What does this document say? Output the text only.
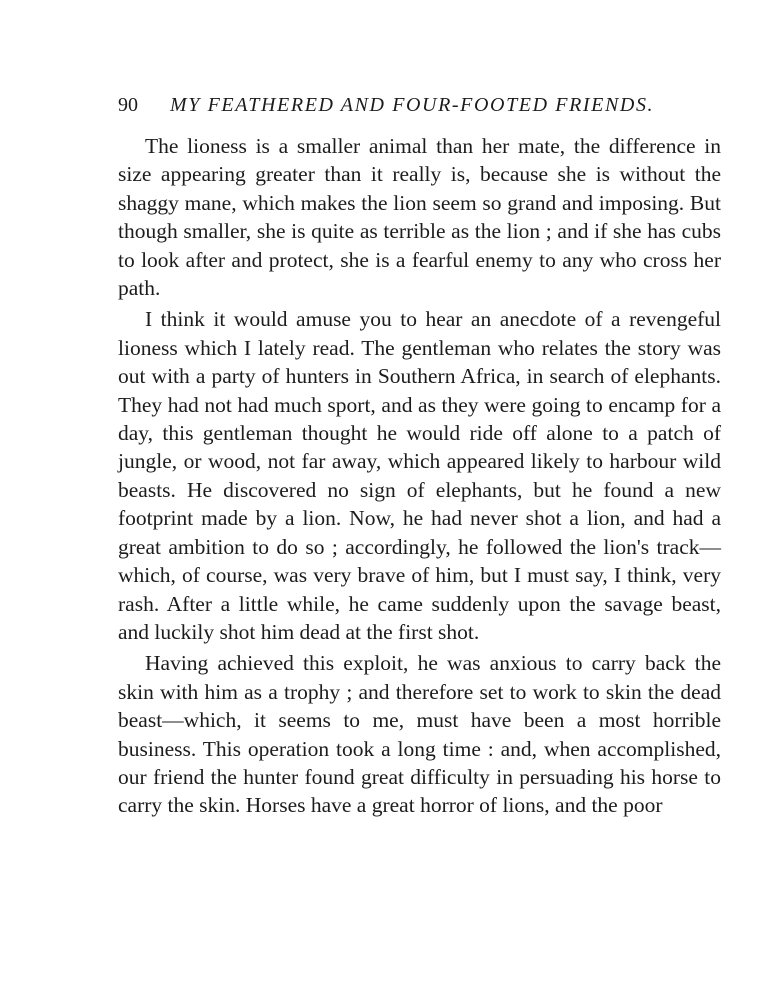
90	MY FEATHERED AND FOUR-FOOTED FRIENDS.

The lioness is a smaller animal than her mate, the difference in size appearing greater than it really is, because she is without the shaggy mane, which makes the lion seem so grand and imposing. But though smaller, she is quite as terrible as the lion ; and if she has cubs to look after and protect, she is a fearful enemy to any who cross her path.

I think it would amuse you to hear an anecdote of a revengeful lioness which I lately read. The gentleman who relates the story was out with a party of hunters in Southern Africa, in search of elephants. They had not had much sport, and as they were going to encamp for a day, this gentleman thought he would ride off alone to a patch of jungle, or wood, not far away, which appeared likely to harbour wild beasts. He discovered no sign of elephants, but he found a new footprint made by a lion. Now, he had never shot a lion, and had a great ambition to do so ; accordingly, he followed the lion's track—which, of course, was very brave of him, but I must say, I think, very rash. After a little while, he came suddenly upon the savage beast, and luckily shot him dead at the first shot.

Having achieved this exploit, he was anxious to carry back the skin with him as a trophy ; and therefore set to work to skin the dead beast—which, it seems to me, must have been a most horrible business. This operation took a long time : and, when accomplished, our friend the hunter found great difficulty in persuading his horse to carry the skin. Horses have a great horror of lions, and the poor
